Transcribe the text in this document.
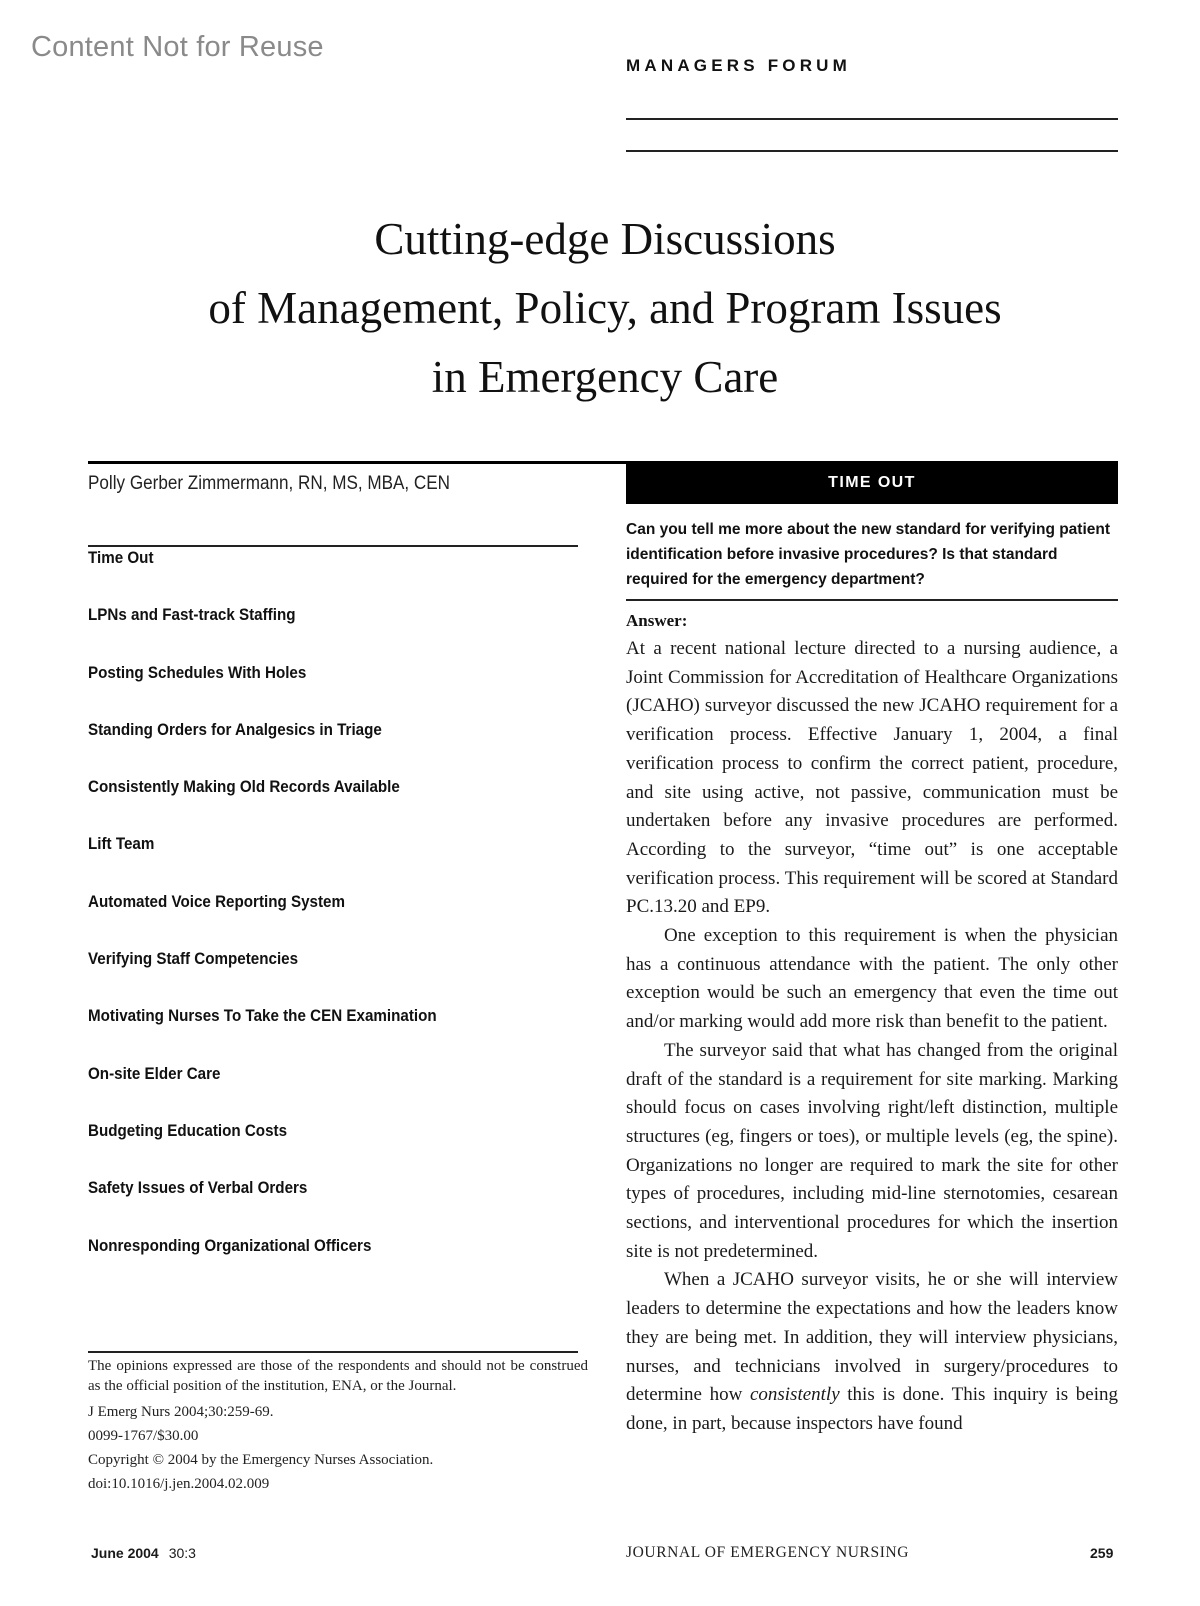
Content Not for Reuse
MANAGERS FORUM
Cutting-edge Discussions
of Management, Policy, and Program Issues
in Emergency Care
Polly Gerber Zimmermann, RN, MS, MBA, CEN
Time Out
LPNs and Fast-track Staffing
Posting Schedules With Holes
Standing Orders for Analgesics in Triage
Consistently Making Old Records Available
Lift Team
Automated Voice Reporting System
Verifying Staff Competencies
Motivating Nurses To Take the CEN Examination
On-site Elder Care
Budgeting Education Costs
Safety Issues of Verbal Orders
Nonresponding Organizational Officers

The opinions expressed are those of the respondents and should not be construed as the official position of the institution, ENA, or the Journal.

J Emerg Nurs 2004;30:259-69.

0099-1767/$30.00

Copyright © 2004 by the Emergency Nurses Association.

doi:10.1016/j.jen.2004.02.009

TIME OUT
Can you tell me more about the new standard for verifying patient identification before invasive procedures? Is that standard required for the emergency department?
Answer:

At a recent national lecture directed to a nursing audience, a Joint Commission for Accreditation of Healthcare Organizations (JCAHO) surveyor discussed the new JCAHO requirement for a verification process. Effective January 1, 2004, a final verification process to confirm the correct patient, procedure, and site using active, not passive, communication must be undertaken before any invasive procedures are performed. According to the surveyor, “time out” is one acceptable verification process. This requirement will be scored at Standard PC.13.20 and EP9.

One exception to this requirement is when the physician has a continuous attendance with the patient. The only other exception would be such an emergency that even the time out and/or marking would add more risk than benefit to the patient.

The surveyor said that what has changed from the original draft of the standard is a requirement for site marking. Marking should focus on cases involving right/left distinction, multiple structures (eg, fingers or toes), or multiple levels (eg, the spine). Organizations no longer are required to mark the site for other types of procedures, including mid-line sternotomies, cesarean sections, and interventional procedures for which the insertion site is not predetermined.

When a JCAHO surveyor visits, he or she will interview leaders to determine the expectations and how the leaders know they are being met. In addition, they will interview physicians, nurses, and technicians involved in surgery/procedures to determine how consistently this is done. This inquiry is being done, in part, because inspectors have found

June 2004 30:3	JOURNAL OF EMERGENCY NURSING	259
